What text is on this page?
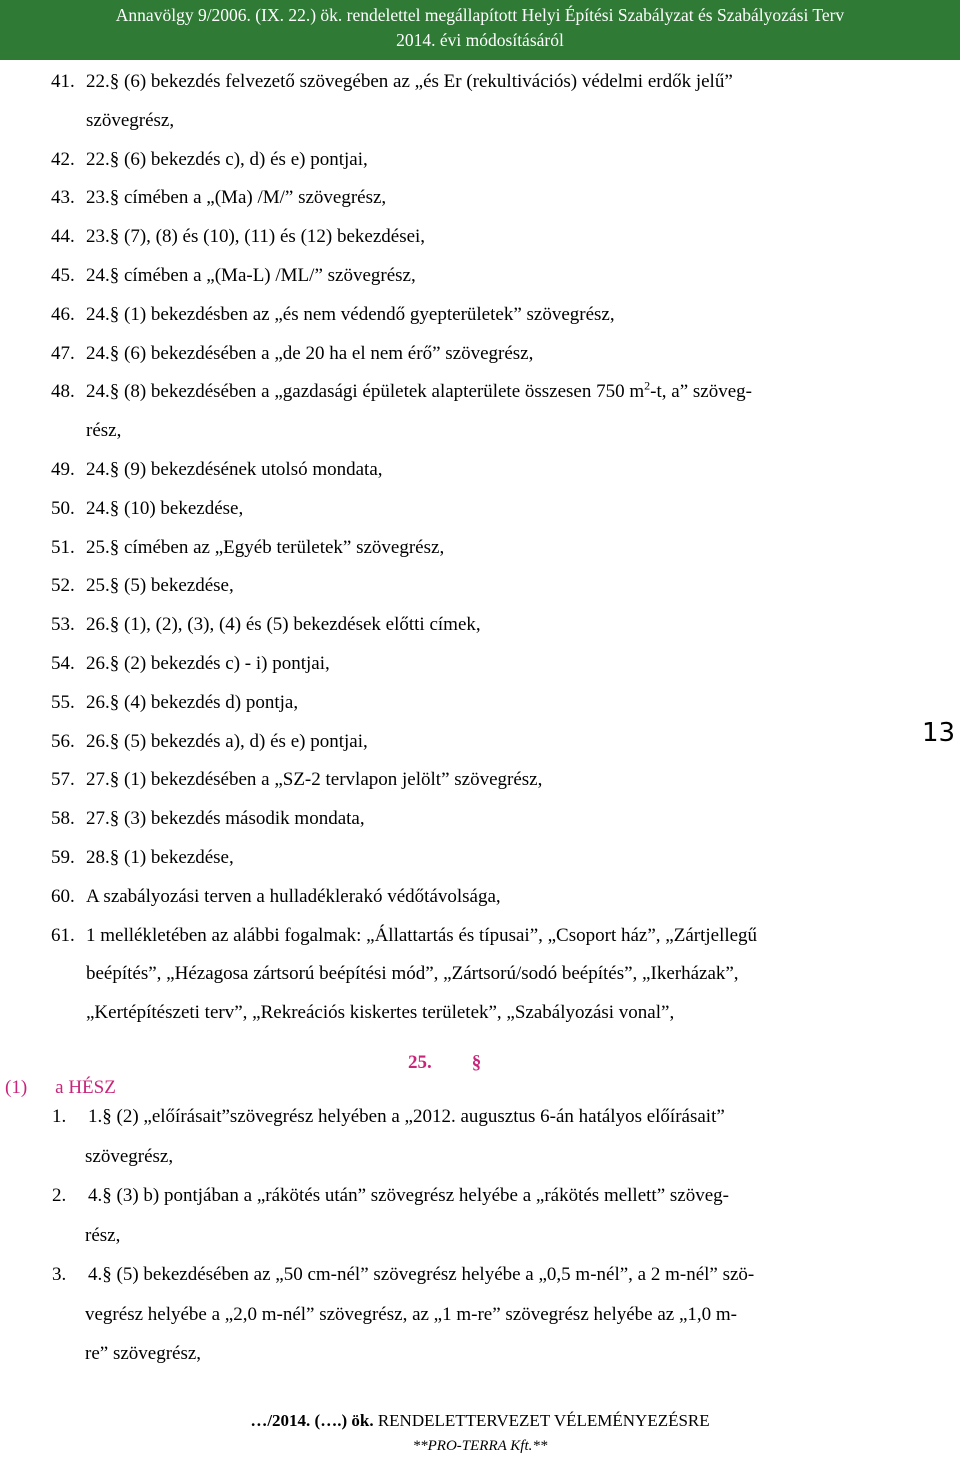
Annavölgy 9/2006. (IX. 22.) ök. rendelettel megállapított Helyi Építési Szabályzat és Szabályozási Terv
2014. évi módosításáról
41. 22.§ (6) bekezdés felvezető szövegében az „és Er (rekultivációs) védelmi erdők jelű”
szövegrész,
42. 22.§ (6) bekezdés c), d) és e) pontjai,
43. 23.§ címében a „(Ma) /M/” szövegrész,
44. 23.§ (7), (8) és (10), (11) és (12) bekezdései,
45. 24.§ címében a „(Ma-L) /ML/” szövegrész,
46. 24.§ (1) bekezdésben az „és nem védendő gyepterületek” szövegrész,
47. 24.§ (6) bekezdésében a „de 20 ha el nem érő” szövegrész,
48. 24.§ (8) bekezdésében a „gazdasági épületek alapterülete összesen 750 $m^2-t$, a” szöveg-
rész,
49. 24.§ (9) bekezdésének utolsó mondata,
50. 24.§ (10) bekezdése,
51. 25.§ címében az „Egyéb területek” szövegrész,
52. 25.§ (5) bekezdése,
53. 26.§ (1), (2), (3), (4) és (5) bekezdések előtti címek,
54. 26.§ (2) bekezdés c) - i) pontjai,
55. 26.§ (4) bekezdés d) pontja,
56. 26.§ (5) bekezdés a), d) és e) pontjai,
57. 27.§ (1) bekezdésében a „SZ-2 tervlapon jelölt” szövegrész,
58. 27.§ (3) bekezdés második mondata,
59. 28.§ (1) bekezdése,
60. A szabályozási terven a hulladéklerakó védőtávolsága,
61. 1 mellékletében az alábbi fogalmak: „Állattartás és típusai”, „Csoport ház”, „Zártjellegű
beépítés”, „Hézagosa zártsorú beépítési mód”, „Zártsorú/sodó beépítés”, „Ikerházak”,
„Kertépítészeti terv”, „Rekreációs kiskertes területek”, „Szabályozási vonal”,
25. §
(1) a HÉSZ
1. 1.§ (2) „előírásait”szövegrész helyében a „2012. augusztus 6-án hatályos előírásait”
szövegrész,
2. 4.§ (3) b) pontjában a „rákötés után” szövegrész helyébe a „rákötés mellett” szöveg-
rész,
3. 4.§ (5) bekezdésében az „50 cm-nél” szövegrész helyébe a „0,5 m-nél”, a 2 m-nél” szö-
vegrész helyébe a „2,0 m-nél” szövegrész, az „1 m-re” szövegrész helyébe az „1,0 m-
re” szövegrész,
13
…/2014. (….) ök. RENDELETTERVEZET VÉLEMÉNYEZÉSRE
**PRO-TERRA Kft.**
